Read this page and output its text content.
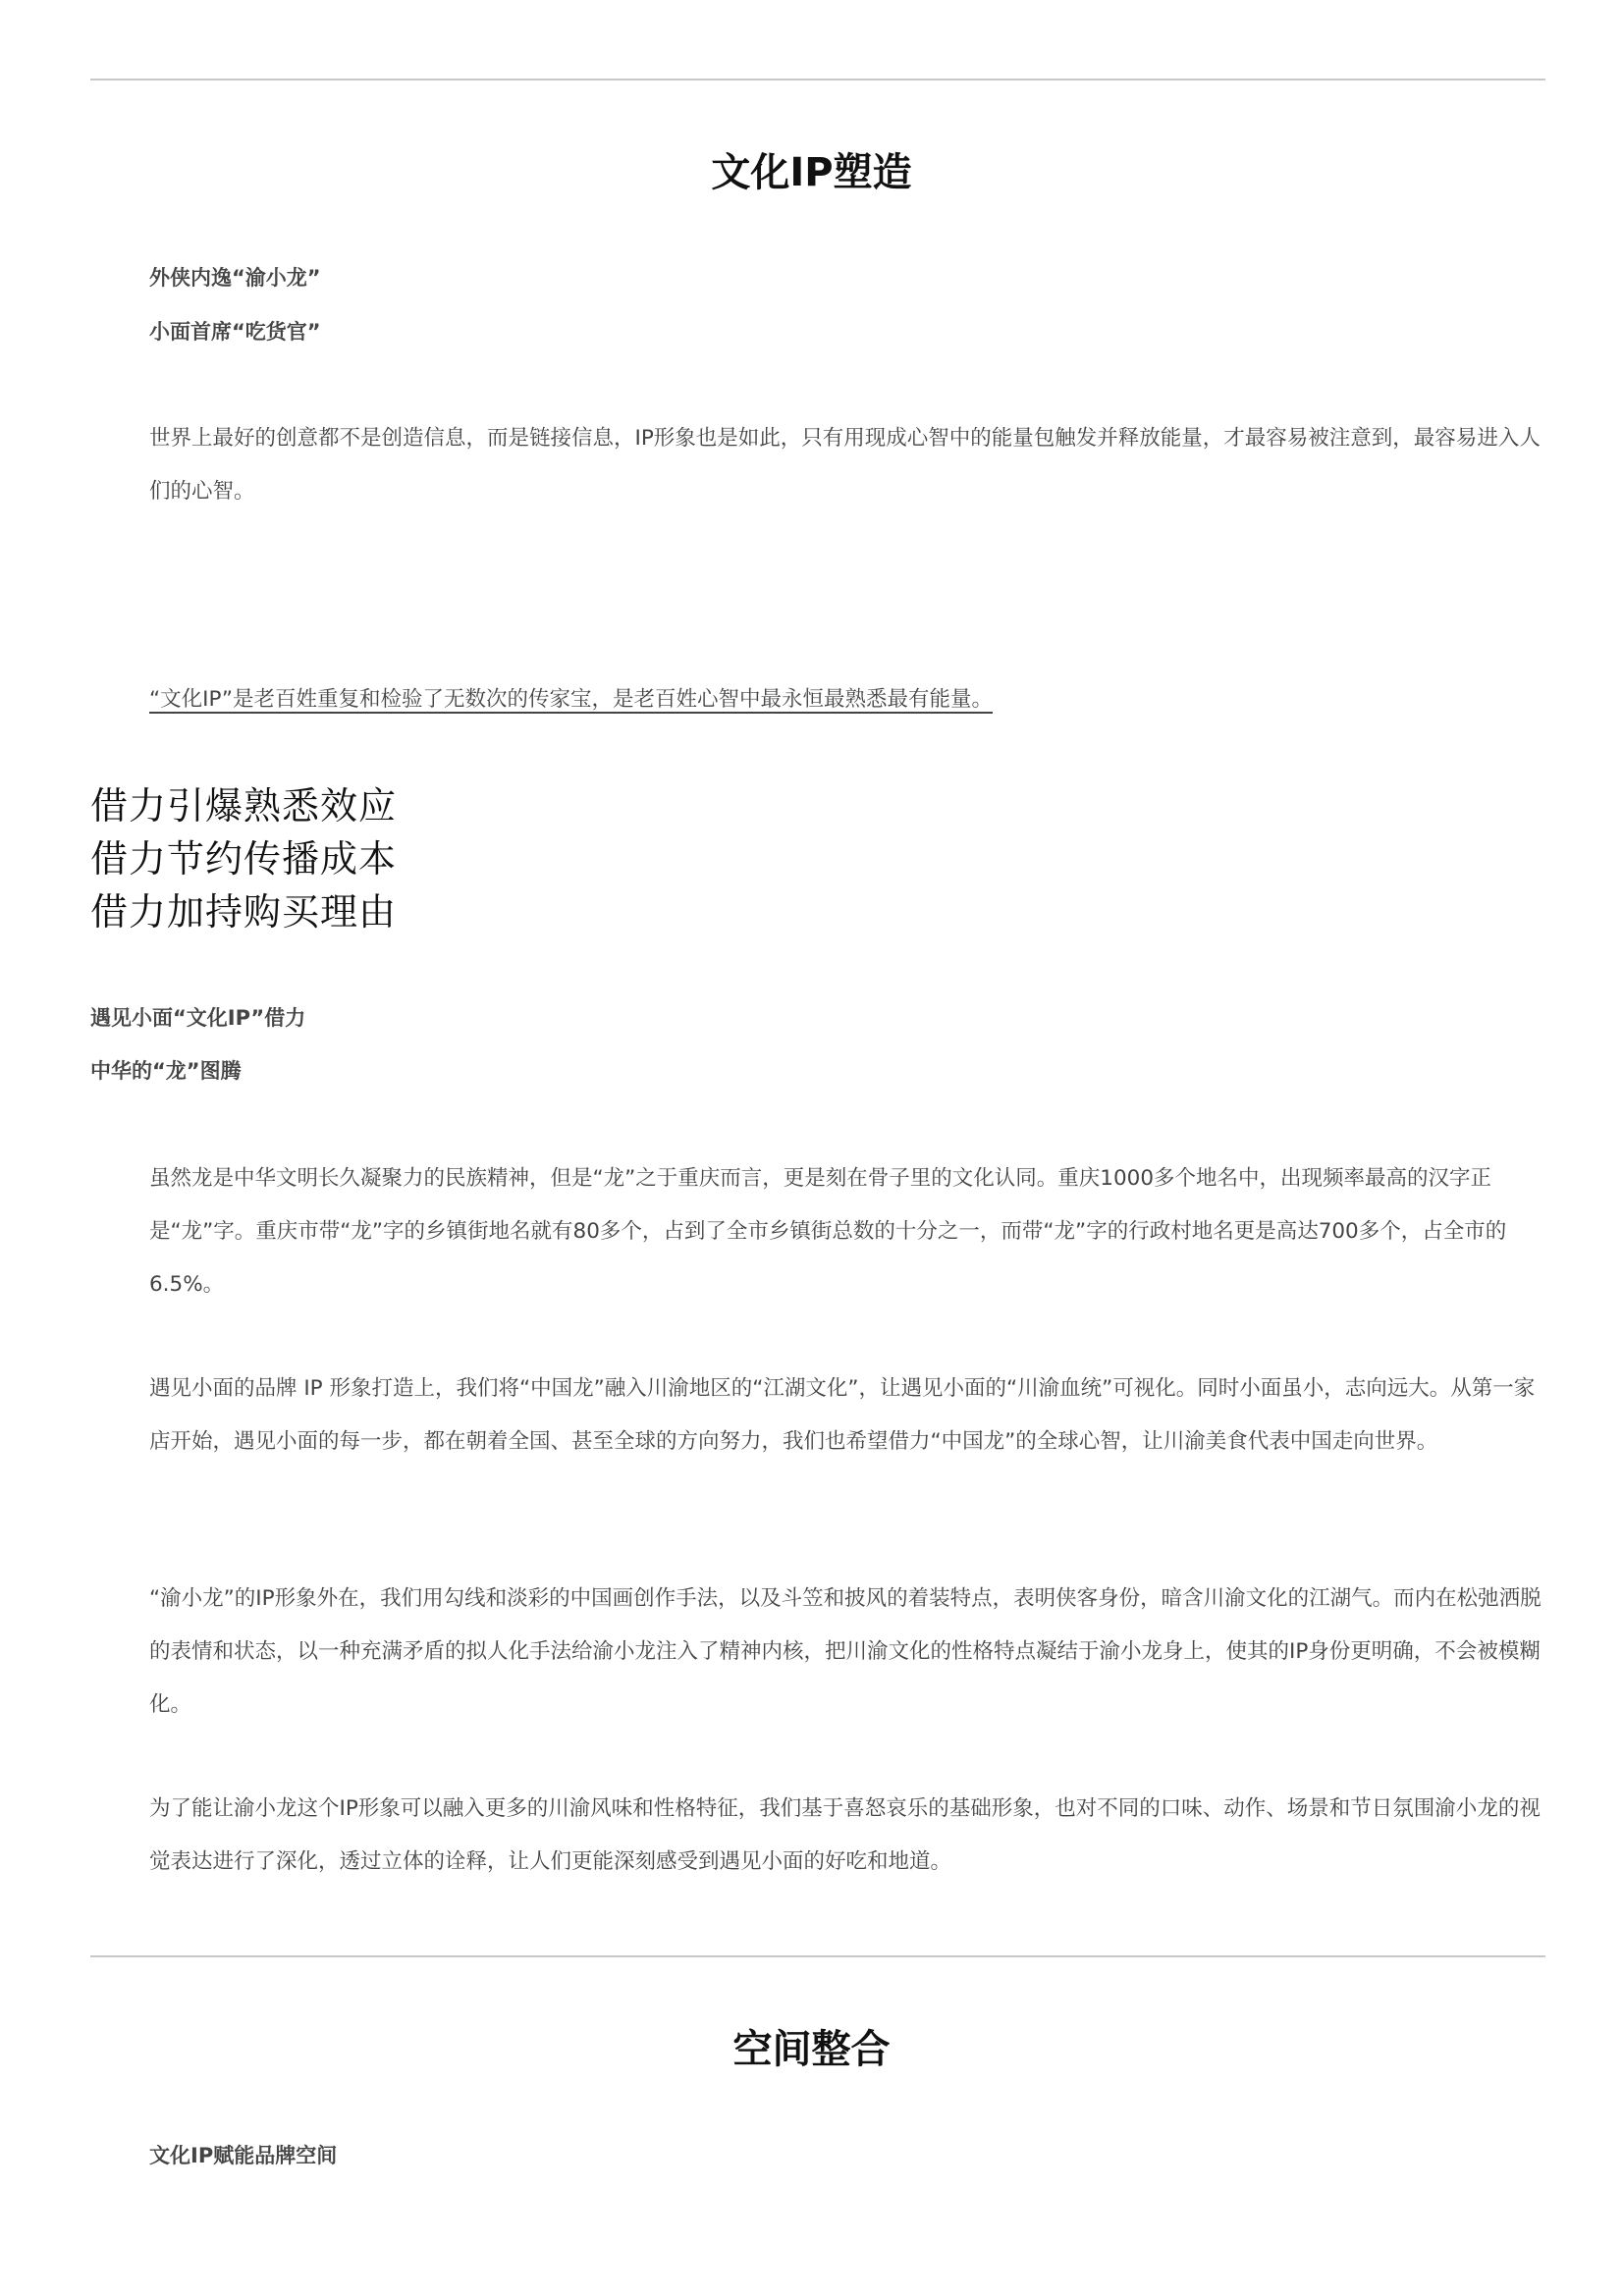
文化IP塑造

外侠内逸“渝小龙”

小面首席“吃货官”

世界上最好的创意都不是创造信息，而是链接信息，IP形象也是如此，只有用现成心智中的能量包触发并释放能量，才最容易被注意到，最容易进入人们的心智。

“文化IP”是老百姓重复和检验了无数次的传家宝，是老百姓心智中最永恒最熟悉最有能量。

借力引爆熟悉效应
借力节约传播成本
借力加持购买理由

遇见小面“文化IP”借力

中华的“龙”图腾

虽然龙是中华文明长久凝聚力的民族精神，但是“龙”之于重庆而言，更是刻在骨子里的文化认同。重庆1000多个地名中，出现频率最高的汉字正是“龙”字。重庆市带“龙”字的乡镇街地名就有80多个，占到了全市乡镇街总数的十分之一，而带“龙”字的行政村地名更是高达700多个，占全市的6.5%。

遇见小面的品牌 IP 形象打造上，我们将“中国龙”融入川渝地区的“江湖文化”，让遇见小面的“川渝血统”可视化。同时小面虽小，志向远大。从第一家店开始，遇见小面的每一步，都在朝着全国、甚至全球的方向努力，我们也希望借力“中国龙”的全球心智，让川渝美食代表中国走向世界。

“渝小龙”的IP形象外在，我们用勾线和淡彩的中国画创作手法，以及斗笠和披风的着装特点，表明侠客身份，暗含川渝文化的江湖气。而内在松弛洒脱的表情和状态，以一种充满矛盾的拟人化手法给渝小龙注入了精神内核，把川渝文化的性格特点凝结于渝小龙身上，使其的IP身份更明确，不会被模糊化。

为了能让渝小龙这个IP形象可以融入更多的川渝风味和性格特征，我们基于喜怒哀乐的基础形象，也对不同的口味、动作、场景和节日氛围渝小龙的视觉表达进行了深化，透过立体的诠释，让人们更能深刻感受到遇见小面的好吃和地道。

空间整合

文化IP赋能品牌空间
